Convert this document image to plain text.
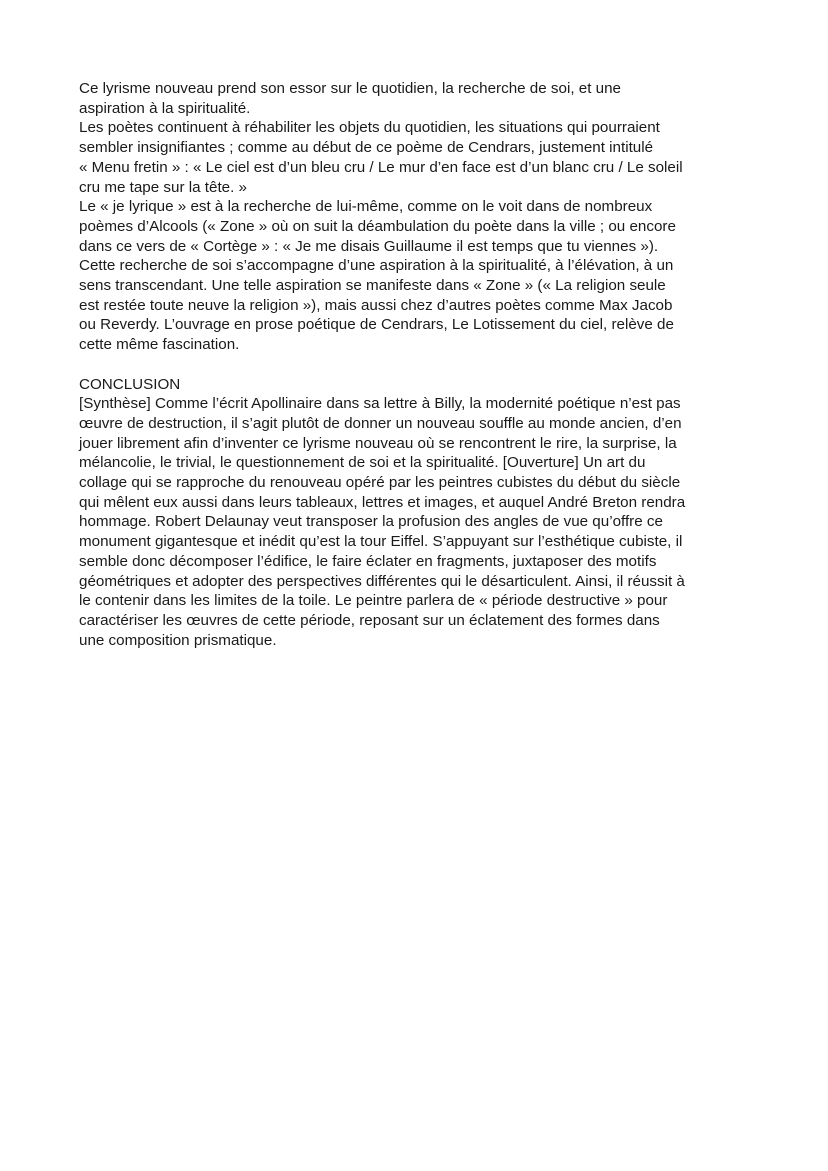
Ce lyrisme nouveau prend son essor sur le quotidien, la recherche de soi, et une
aspiration à la spiritualité.

Les poètes continuent à réhabiliter les objets du quotidien, les situations qui pourraient
sembler insignifiantes ; comme au début de ce poème de Cendrars, justement intitulé
« Menu fretin » : « Le ciel est d’un bleu cru / Le mur d’en face est d’un blanc cru / Le soleil
cru me tape sur la tête. »

Le « je lyrique » est à la recherche de lui-même, comme on le voit dans de nombreux
poèmes d’Alcools (« Zone » où on suit la déambulation du poète dans la ville ; ou encore
dans ce vers de « Cortège » : « Je me disais Guillaume il est temps que tu viennes »).
Cette recherche de soi s’accompagne d’une aspiration à la spiritualité, à l’élévation, à un
sens transcendant. Une telle aspiration se manifeste dans « Zone » (« La religion seule
est restée toute neuve la religion »), mais aussi chez d’autres poètes comme Max Jacob
ou Reverdy. L’ouvrage en prose poétique de Cendrars, Le Lotissement du ciel, relève de
cette même fascination.

CONCLUSION

[Synthèse] Comme l’écrit Apollinaire dans sa lettre à Billy, la modernité poétique n’est pas
œuvre de destruction, il s’agit plutôt de donner un nouveau souffle au monde ancien, d’en
jouer librement afin d’inventer ce lyrisme nouveau où se rencontrent le rire, la surprise, la
mélancolie, le trivial, le questionnement de soi et la spiritualité. [Ouverture] Un art du
collage qui se rapproche du renouveau opéré par les peintres cubistes du début du siècle
qui mêlent eux aussi dans leurs tableaux, lettres et images, et auquel André Breton rendra
hommage. Robert Delaunay veut transposer la profusion des angles de vue qu’offre ce
monument gigantesque et inédit qu’est la tour Eiffel. S’appuyant sur l’esthétique cubiste, il
semble donc décomposer l’édifice, le faire éclater en fragments, juxtaposer des motifs
géométriques et adopter des perspectives différentes qui le désarticulent. Ainsi, il réussit à
le contenir dans les limites de la toile. Le peintre parlera de « période destructive » pour
caractériser les œuvres de cette période, reposant sur un éclatement des formes dans
une composition prismatique.
